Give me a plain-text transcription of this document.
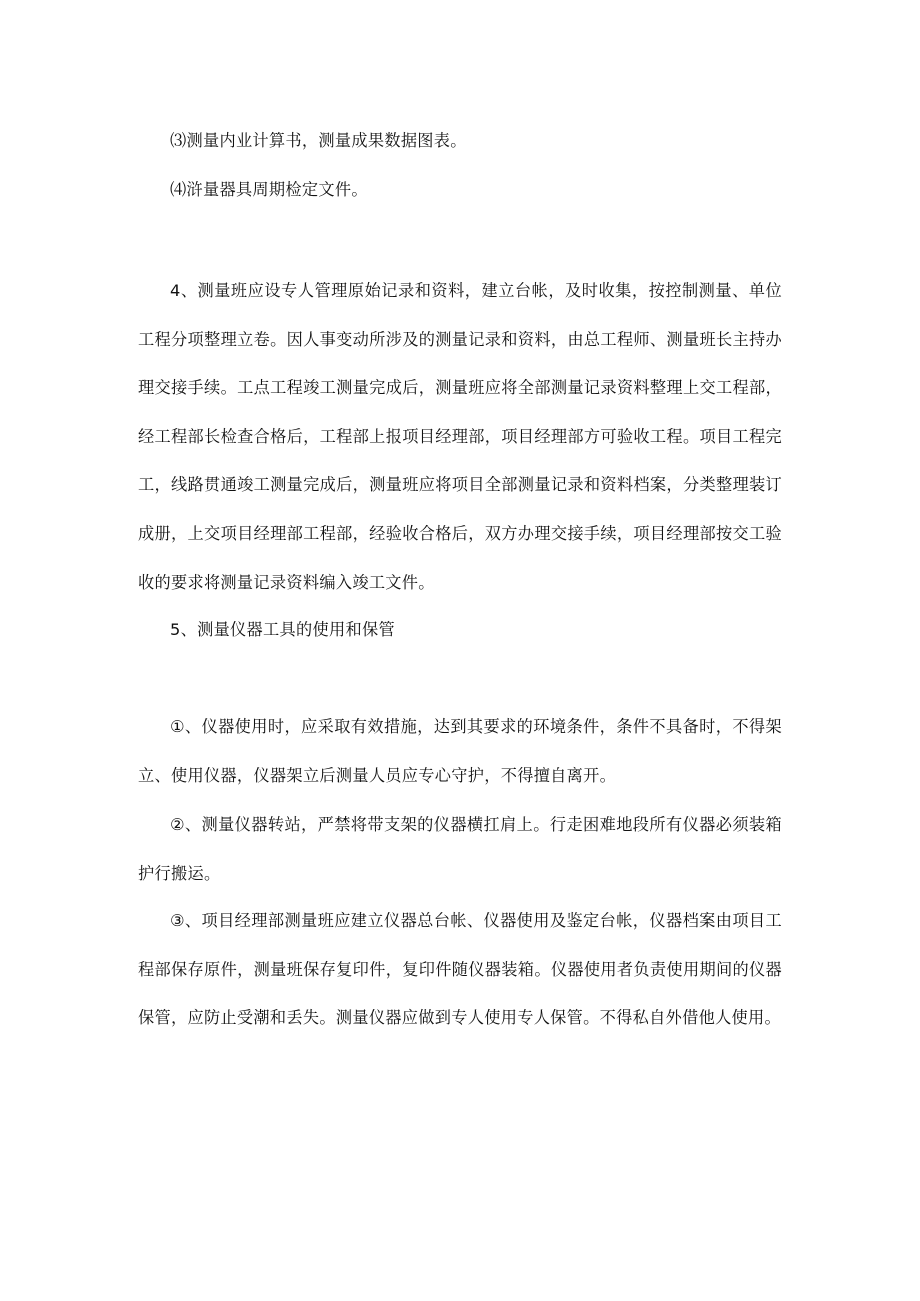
⑶测量内业计算书，测量成果数据图表。

⑷浒量器具周期检定文件。

4、测量班应设专人管理原始记录和资料，建立台帐，及时收集，按控制测量、单位工程分项整理立卷。因人事变动所涉及的测量记录和资料，由总工程师、测量班长主持办理交接手续。工点工程竣工测量完成后，测量班应将全部测量记录资料整理上交工程部，经工程部长检查合格后，工程部上报项目经理部，项目经理部方可验收工程。项目工程完工，线路贯通竣工测量完成后，测量班应将项目全部测量记录和资料档案，分类整理装订成册，上交项目经理部工程部，经验收合格后，双方办理交接手续，项目经理部按交工验收的要求将测量记录资料编入竣工文件。

5、测量仪器工具的使用和保管

①、仪器使用时，应采取有效措施，达到其要求的环境条件，条件不具备时，不得架立、使用仪器，仪器架立后测量人员应专心守护，不得擅自离开。

②、测量仪器转站，严禁将带支架的仪器横扛肩上。行走困难地段所有仪器必须装箱护行搬运。

③、项目经理部测量班应建立仪器总台帐、仪器使用及鉴定台帐，仪器档案由项目工程部保存原件，测量班保存复印件，复印件随仪器装箱。仪器使用者负责使用期间的仪器保管，应防止受潮和丢失。测量仪器应做到专人使用专人保管。不得私自外借他人使用。
